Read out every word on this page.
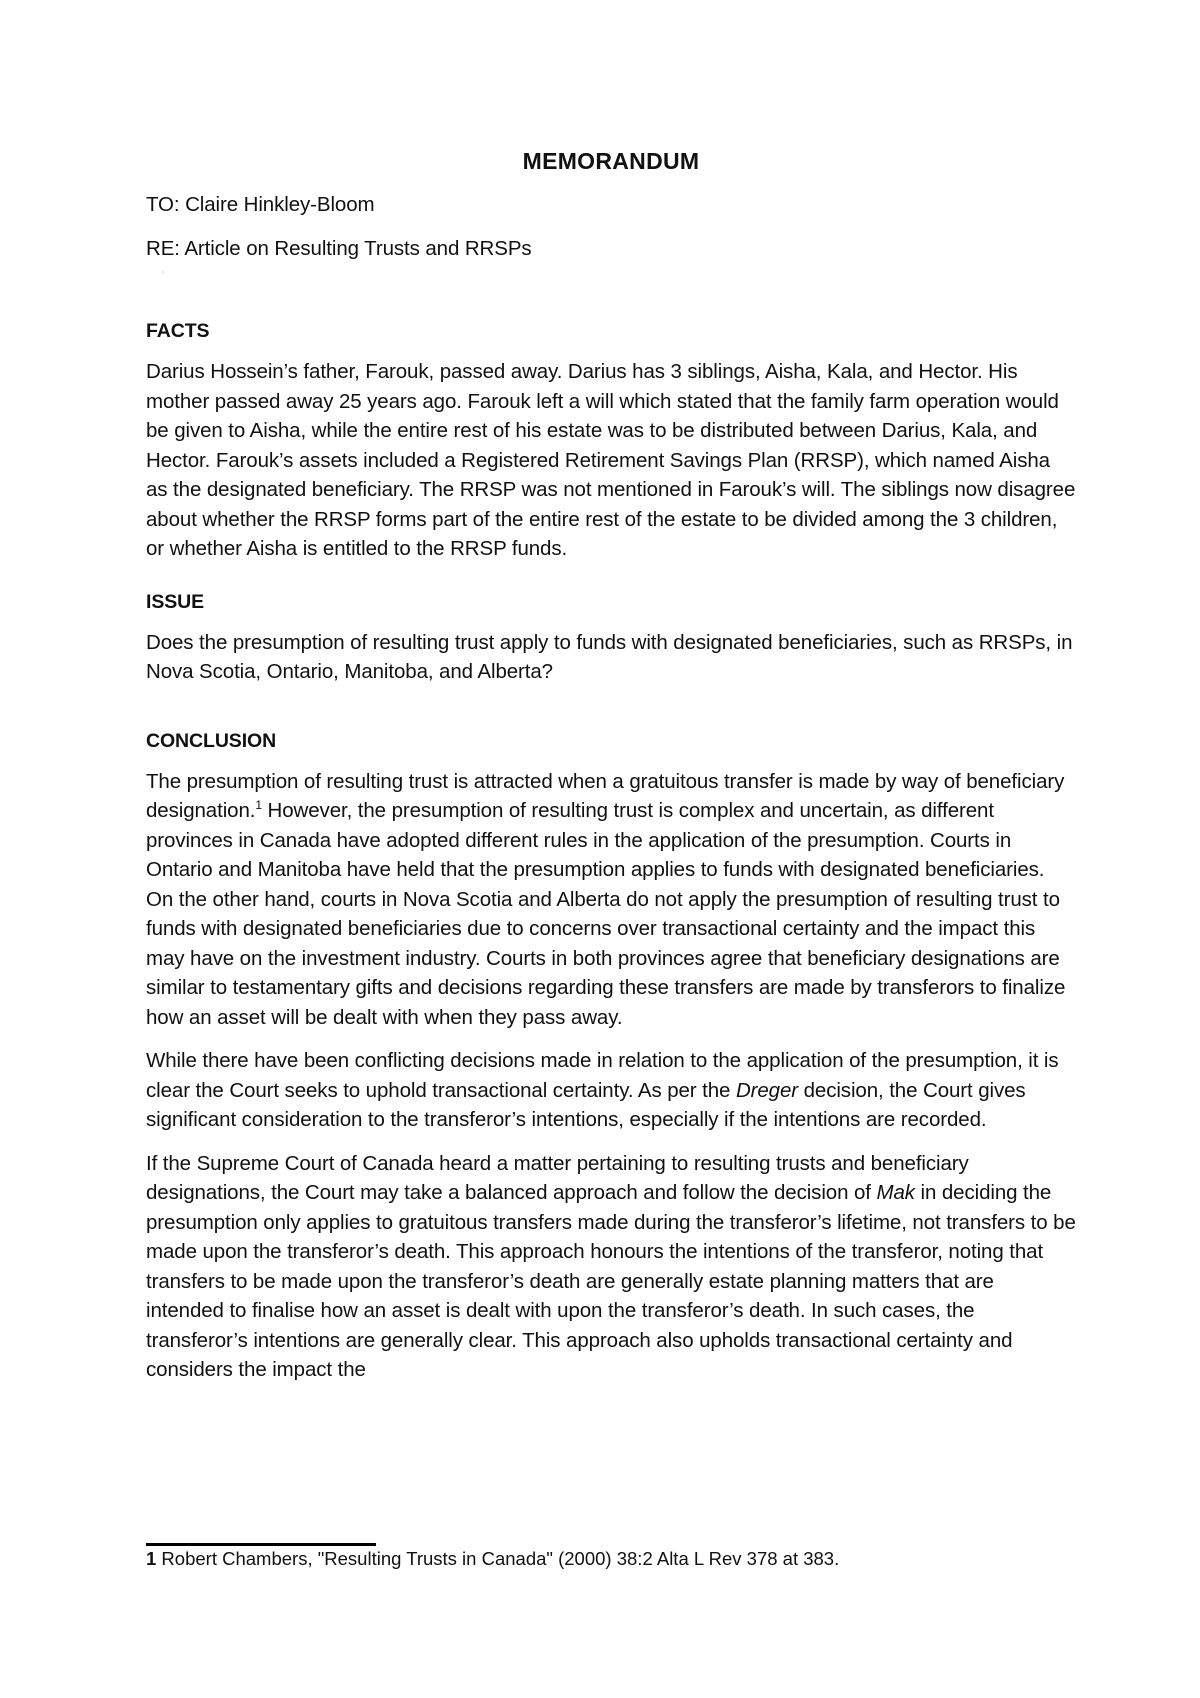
MEMORANDUM
TO: Claire Hinkley-Bloom
RE: Article on Resulting Trusts and RRSPs
'
FACTS

Darius Hossein’s father, Farouk, passed away. Darius has 3 siblings, Aisha, Kala, and Hector. His mother passed away 25 years ago. Farouk left a will which stated that the family farm operation would be given to Aisha, while the entire rest of his estate was to be distributed between Darius, Kala, and Hector. Farouk’s assets included a Registered Retirement Savings Plan (RRSP), which named Aisha as the designated beneficiary. The RRSP was not mentioned in Farouk’s will. The siblings now disagree about whether the RRSP forms part of the entire rest of the estate to be divided among the 3 children, or whether Aisha is entitled to the RRSP funds.

ISSUE

Does the presumption of resulting trust apply to funds with designated beneficiaries, such as RRSPs, in Nova Scotia, Ontario, Manitoba, and Alberta?

CONCLUSION

The presumption of resulting trust is attracted when a gratuitous transfer is made by way of beneficiary designation.$^1$ However, the presumption of resulting trust is complex and uncertain, as different provinces in Canada have adopted different rules in the application of the presumption. Courts in Ontario and Manitoba have held that the presumption applies to funds with designated beneficiaries. On the other hand, courts in Nova Scotia and Alberta do not apply the presumption of resulting trust to funds with designated beneficiaries due to concerns over transactional certainty and the impact this may have on the investment industry. Courts in both provinces agree that beneficiary designations are similar to testamentary gifts and decisions regarding these transfers are made by transferors to finalize how an asset will be dealt with when they pass away.

While there have been conflicting decisions made in relation to the application of the presumption, it is clear the Court seeks to uphold transactional certainty. As per the Dreger decision, the Court gives significant consideration to the transferor’s intentions, especially if the intentions are recorded.

If the Supreme Court of Canada heard a matter pertaining to resulting trusts and beneficiary designations, the Court may take a balanced approach and follow the decision of Mak in deciding the presumption only applies to gratuitous transfers made during the transferor’s lifetime, not transfers to be made upon the transferor’s death. This approach honours the intentions of the transferor, noting that transfers to be made upon the transferor’s death are generally estate planning matters that are intended to finalise how an asset is dealt with upon the transferor’s death. In such cases, the transferor’s intentions are generally clear. This approach also upholds transactional certainty and considers the impact the

1 Robert Chambers, "Resulting Trusts in Canada" (2000) 38:2 Alta L Rev 378 at 383.
